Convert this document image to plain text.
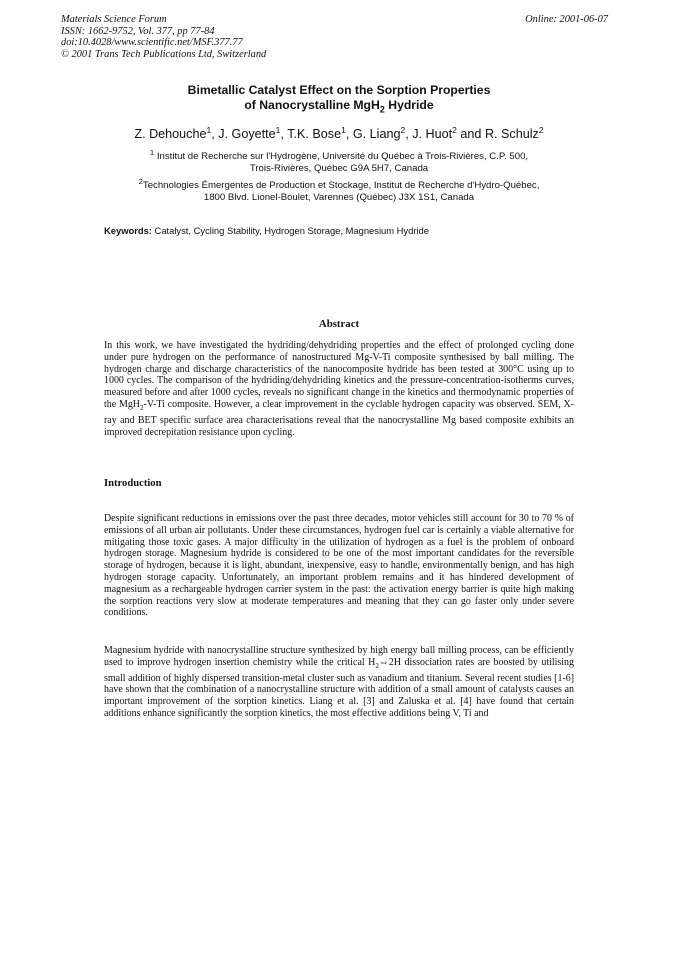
Materials Science Forum
ISSN: 1662-9752, Vol. 377, pp 77-84
doi:10.4028/www.scientific.net/MSF.377.77
© 2001 Trans Tech Publications Ltd, Switzerland
Online: 2001-06-07
Bimetallic Catalyst Effect on the Sorption Properties
of Nanocrystalline MgH$_2$ Hydride
Z. Dehouche$^1$, J. Goyette$^1$, T.K. Bose$^1$, G. Liang$^2$, J. Huot$^2$ and R. Schulz$^2$
$^1$ Institut de Recherche sur l'Hydrogène, Université du Québec à Trois-Rivières, C.P. 500,
Trois-Rivières, Québec G9A 5H7, Canada
$^2$Technologies Émergentes de Production et Stockage, Institut de Recherche d'Hydro-Québec,
1800 Blvd. Lionel-Boulet, Varennes (Québec) J3X 1S1, Canada
Keywords: Catalyst, Cycling Stability, Hydrogen Storage, Magnesium Hydride
Abstract
In this work, we have investigated the hydriding/dehydriding properties and the effect of prolonged cycling done under pure hydrogen on the performance of nanostructured Mg-V-Ti composite synthesised by ball milling. The hydrogen charge and discharge characteristics of the nanocomposite hydride has been tested at 300°C using up to 1000 cycles. The comparison of the hydriding/dehydriding kinetics and the pressure-concentration-isotherms curves, measured before and after 1000 cycles, reveals no significant change in the kinetics and thermodynamic properties of the MgH$_2$-V-Ti composite. However, a clear improvement in the cyclable hydrogen capacity was observed. SEM, X-ray and BET specific surface area characterisations reveal that the nanocrystalline Mg based composite exhibits an improved decrepitation resistance upon cycling.
Introduction
Despite significant reductions in emissions over the past three decades, motor vehicles still account for 30 to 70 % of emissions of all urban air pollutants. Under these circumstances, hydrogen fuel car is certainly a viable alternative for mitigating those toxic gases. A major difficulty in the utilization of hydrogen as a fuel is the problem of onboard hydrogen storage. Magnesium hydride is considered to be one of the most important candidates for the reversible storage of hydrogen, because it is light, abundant, inexpensive, easy to handle, environmentally benign, and has high hydrogen storage capacity. Unfortunately, an important problem remains and it has hindered development of magnesium as a rechargeable hydrogen carrier system in the past: the activation energy barrier is quite high making the sorption reactions very slow at moderate temperatures and meaning that they can go faster only under severe conditions.
Magnesium hydride with nanocrystalline structure synthesized by high energy ball milling process, can be efficiently used to improve hydrogen insertion chemistry while the critical $H_2\Leftrightarrow 2H$ dissociation rates are boosted by utilising small addition of highly dispersed transition-metal cluster such as vanadium and titanium. Several recent studies [1-6] have shown that the combination of a nanocrystalline structure with addition of a small amount of catalysts causes an important improvement of the sorption kinetics. Liang et al. [3] and Zaluska et al. [4] have found that certain additions enhance significantly the sorption kinetics, the most effective additions being V, Ti and
